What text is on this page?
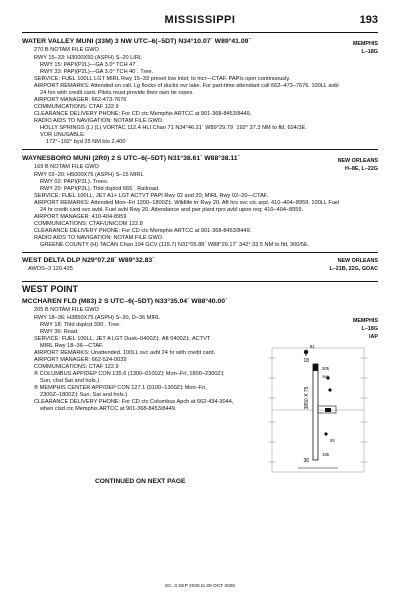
MISSISSIPPI	193
WATER VALLEY MUNI (33M) 3 NW UTC–6(–5DT) N34°10.07´ W89°41.09´
270 B NOTAM FILE GWO
RWY 15–33: H3000X50 (ASPH) S–20 LIRL
RWY 15: PAPI(P2L)—GA 3.0° TCH 47´.
RWY 33: PAPI(P2L)—GA 3.0° TCH 40´. Tree.
SERVICE: FUEL 100LL LGT MIRL Rwy 15–33 preset low intst; to incr—CTAF. PAPIs oper continuously.
AIRPORT REMARKS: Attended on call. Lg flocks of ducks ovr lake. For part-time attendant call 662–473–7676. 100LL avbl
24 hrs with credit card. Pilots must provide their own tie ropes.
AIRPORT MANAGER: 662-473-7676
COMMUNICATIONS: CTAF 122.9
CLEARANCE DELIVERY PHONE: For CD ctc Memphis ARTCC at 901-368-8453/8449.
RADIO AIDS TO NAVIGATION: NOTAM FILE GWO.
HOLLY SPRINGS (L) (L) VORTAC 112.4 HLI Chan 71 N34°46.21´ W89°29.79´ 192° 37.3 NM to fld. 624/3E.
VOR UNUSABLE:
172°–192° byd 25 NM blo 2,400´
MEMPHIS
L–18G
WAYNESBORO MUNI (2R0) 2 S UTC–6(–5DT) N31°38.61´ W88°38.11´
169 B NOTAM FILE GWO
RWY 02–20: H5000X75 (ASPH) S–15 MIRL
RWY 02: PAPI(P2L). Trees.
RWY 20: PAPI(P2L). Thld dsplcd 665´. Railroad.
SERVICE: FUEL 100LL, JET A1+ LGT ACTVT PAPI Rwy 02 and 20; MIRL Rwy 02–20—CTAF.
AIRPORT REMARKS: Attended Mon–Fri 1200–1800Z‡. Wildlife irr Rwy 20. Aft hrs svc ctc arpt. 410–404–8959. 100LL Fuel
24 hr credit card svc avbl. Fuel avbl Rwy 20. Attendance and pwr plant rprs avbl upon req; 410–404–8959.
AIRPORT MANAGER: 410-404-8959
COMMUNICATIONS: CTAF/UNICOM 122.8
CLEARANCE DELIVERY PHONE: For CD ctc Memphis ARTCC at 901-368-8453/8449.
RADIO AIDS TO NAVIGATION: NOTAM FILE GWO.
GREENE COUNTY (H) TACAN Chan 104 GCV (115.7) N31°05.88´ W88°29.17´ 342° 33.5 NM to fld. 300/5E.
NEW ORLEANS
H–8E, L–22G
WEST DELTA DLP N29°07.28´ W89°32.83´
AWOS–3 120.425
NEW ORLEANS
L–21B, 22G, GOAC
WEST POINT
MCCHAREN FLD (M83) 2 S UTC–6(–5DT) N33°35.04´ W88°40.00´
205 B NOTAM FILE GWO
RWY 18–36: H3850X75 (ASPH) S–30, D–36 MIRL
RWY 18: Thld dsplcd 390´. Tree.
RWY 36: Road.
SERVICE: FUEL 100LL, JET A LGT Dusk–0400Z‡. Aft 0400Z‡, ACTVT
MIRL Rwy 18–36—CTAF.
AIRPORT REMARKS: Unattended. 100LL svc avbl 24 hr with credit card.
AIRPORT MANAGER: 662-524-0039
COMMUNICATIONS: CTAF 122.9
® COLUMBUS APP/DEP CON 135.6 (1300–0100Z‡ Mon–Fri, 1800–2300Z‡
Sun, clsd Sat and hols.)
® MEMPHIS CENTER APP/DEP CON 127.1 (0100–1300Z‡ Mon–Fri,
2300Z–1800Z‡ Sun, Sat and hols.)
CLEARANCE DELIVERY PHONE: For CD ctc Columbus Apch at 662-434-3044,
when clsd ctc Memphis ARTCC at 901-368-8453/8449.
MEMPHIS
L–18G
IAP
18
36
3850 X 75
205
195
81
92
390
CONTINUED ON NEXT PAGE
SC, 3 SEP 2026 to 29 OCT 2026
